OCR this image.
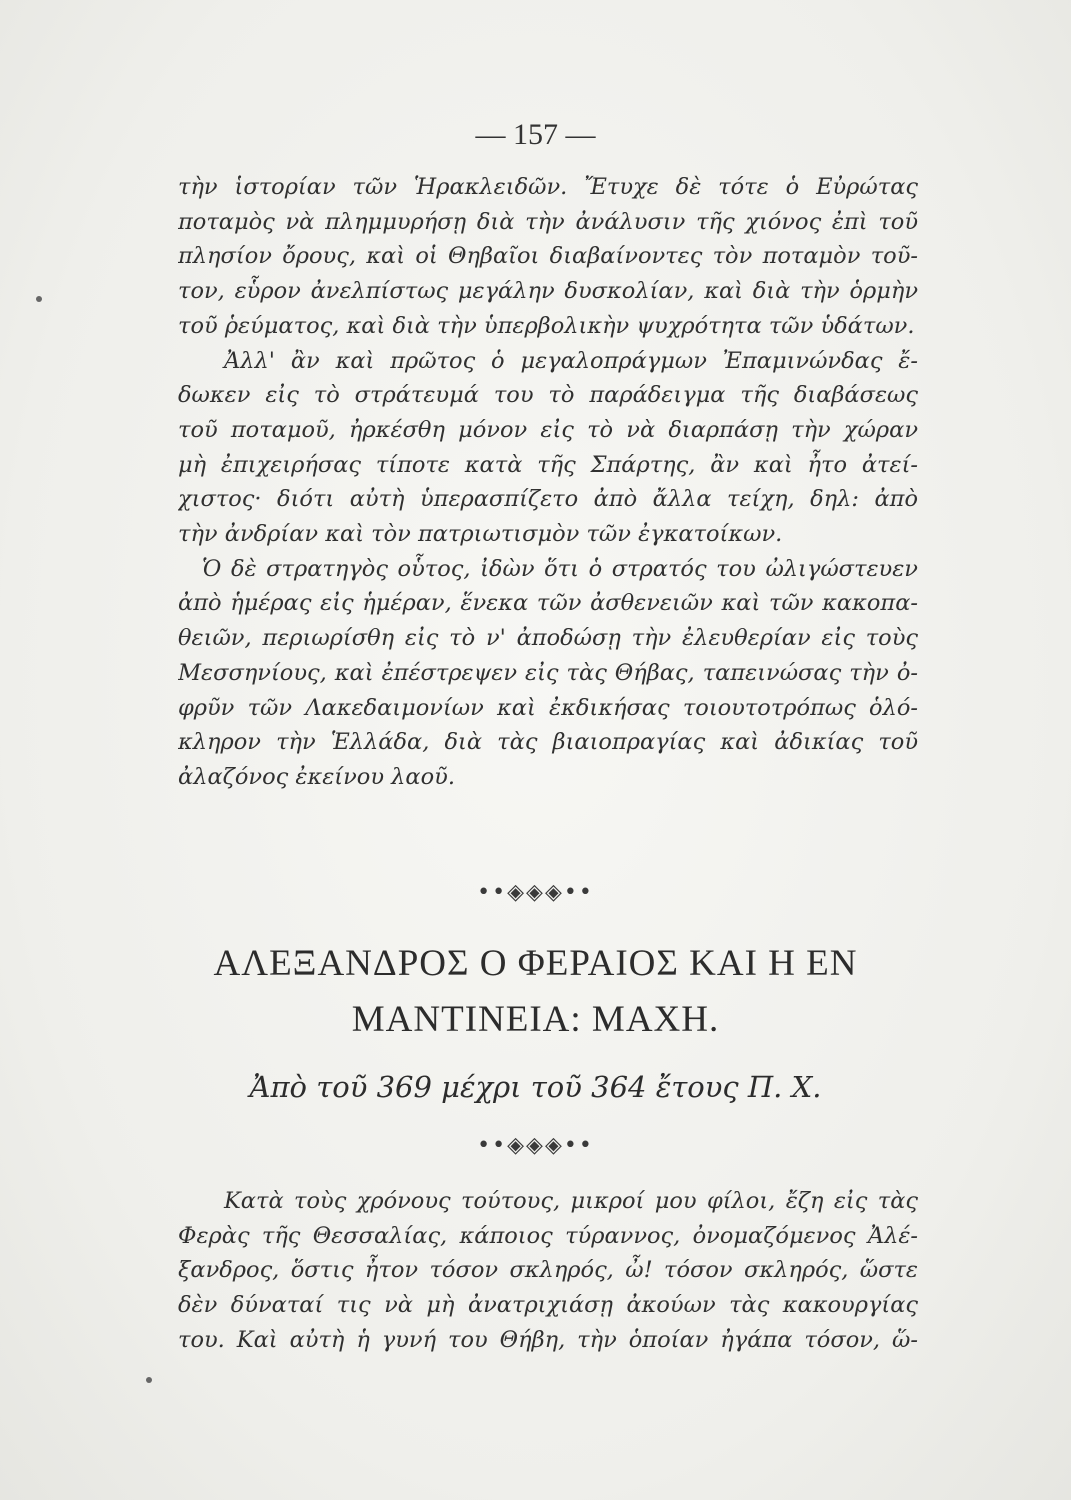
— 157 —
τὴν ἱστορίαν τῶν Ἡρακλειδῶν. Ἔτυχε δὲ τότε ὁ Εὐρώτας
ποταμὸς νὰ πλημμυρήσῃ διὰ τὴν ἀνάλυσιν τῆς χιόνος ἐπὶ τοῦ
πλησίον ὄρους, καὶ οἱ Θηβαῖοι διαβαίνοντες τὸν ποταμὸν τοῦ-
τον, εὗρον ἀνελπίστως μεγάλην δυσκολίαν, καὶ διὰ τὴν ὁρμὴν
τοῦ ῥεύματος, καὶ διὰ τὴν ὑπερβολικὴν ψυχρότητα τῶν ὑδάτων.
Ἀλλ' ἂν καὶ πρῶτος ὁ μεγαλοπράγμων Ἐπαμινώνδας ἔ-
δωκεν εἰς τὸ στράτευμά του τὸ παράδειγμα τῆς διαβάσεως
τοῦ ποταμοῦ, ἠρκέσθη μόνον εἰς τὸ νὰ διαρπάσῃ τὴν χώραν
μὴ ἐπιχειρήσας τίποτε κατὰ τῆς Σπάρτης, ἂν καὶ ἦτο ἀτεί-
χιστος· διότι αὐτὴ ὑπερασπίζετο ἀπὸ ἄλλα τείχη, δηλ: ἀπὸ
τὴν ἀνδρίαν καὶ τὸν πατριωτισμὸν τῶν ἐγκατοίκων.
Ὁ δὲ στρατηγὸς οὗτος, ἰδὼν ὅτι ὁ στρατός του ὠλιγώστευεν
ἀπὸ ἡμέρας εἰς ἡμέραν, ἕνεκα τῶν ἀσθενειῶν καὶ τῶν κακοπα-
θειῶν, περιωρίσθη εἰς τὸ ν' ἀποδώσῃ τὴν ἐλευθερίαν εἰς τοὺς
Μεσσηνίους, καὶ ἐπέστρεψεν εἰς τὰς Θήβας, ταπεινώσας τὴν ὀ-
φρῦν τῶν Λακεδαιμονίων καὶ ἐκδικήσας τοιουτοτρόπως ὁλό-
κληρον τὴν Ἑλλάδα, διὰ τὰς βιαιοπραγίας καὶ ἀδικίας τοῦ
ἀλαζόνος ἐκείνου λαοῦ.
••◈◈◈••
ΑΛΕΞΑΝΔΡΟΣ Ο ΦΕΡΑΙΟΣ ΚΑΙ Η ΕΝ
ΜΑΝΤΙΝΕΙΑ: ΜΑΧΗ.
Ἀπὸ τοῦ 369 μέχρι τοῦ 364 ἔτους Π. Χ.
••◈◈◈••
Κατὰ τοὺς χρόνους τούτους, μικροί μου φίλοι, ἔζη εἰς τὰς
Φερὰς τῆς Θεσσαλίας, κάποιος τύραννος, ὀνομαζόμενος Ἀλέ-
ξανδρος, ὅστις ἦτον τόσον σκληρός, ὦ! τόσον σκληρός, ὥστε
δὲν δύναταί τις νὰ μὴ ἀνατριχιάσῃ ἀκούων τὰς κακουργίας
του. Καὶ αὐτὴ ἡ γυνή του Θήβη, τὴν ὁποίαν ἠγάπα τόσον, ὥ-
